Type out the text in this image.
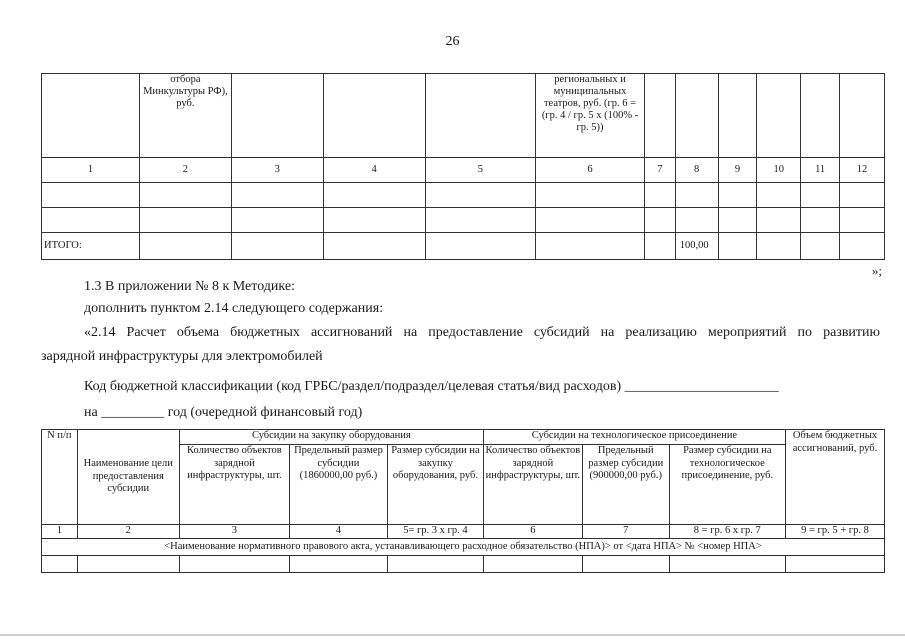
26
	отбора Минкультуры РФ), руб.				региональных и муниципальных театров, руб. (гр. 6 = (гр. 4 / гр. 5 x (100% - гр. 5))						
1	2	3	4	5	6	7	8	9	10	11	12

ИТОГО:							100,00				
»;
1.3 В приложении № 8 к Методике:
дополнить пунктом 2.14 следующего содержания:
«2.14 Расчет объема бюджетных ассигнований на предоставление субсидий на реализацию мероприятий по развитию
зарядной инфраструктуры для электромобилей
Код бюджетной классификации (код ГРБС/раздел/подраздел/целевая статья/вид расходов) ______________________
на _________ год (очередной финансовый год)
N п/п	Наименование цели предоставления субсидии	Субсидии на закупку оборудования			Субсидии на технологическое присоединение			Объем бюджетных ассигнований, руб.
		Количество объектов зарядной инфраструктуры, шт.	Предельный размер субсидии (1860000,00 руб.)	Размер субсидии на закупку оборудования, руб.	Количество объектов зарядной инфраструктуры, шт.	Предельный размер субсидии (900000,00 руб.)	Размер субсидии на технологическое присоединение, руб.	
1	2	3	4	5= гр. 3 x гр. 4	6	7	8 = гр. 6 x гр. 7	9 = гр. 5 + гр. 8
<Наименование нормативного правового акта, устанавливающего расходное обязательство (НПА)> от <дата НПА> № <номер НПА>								
